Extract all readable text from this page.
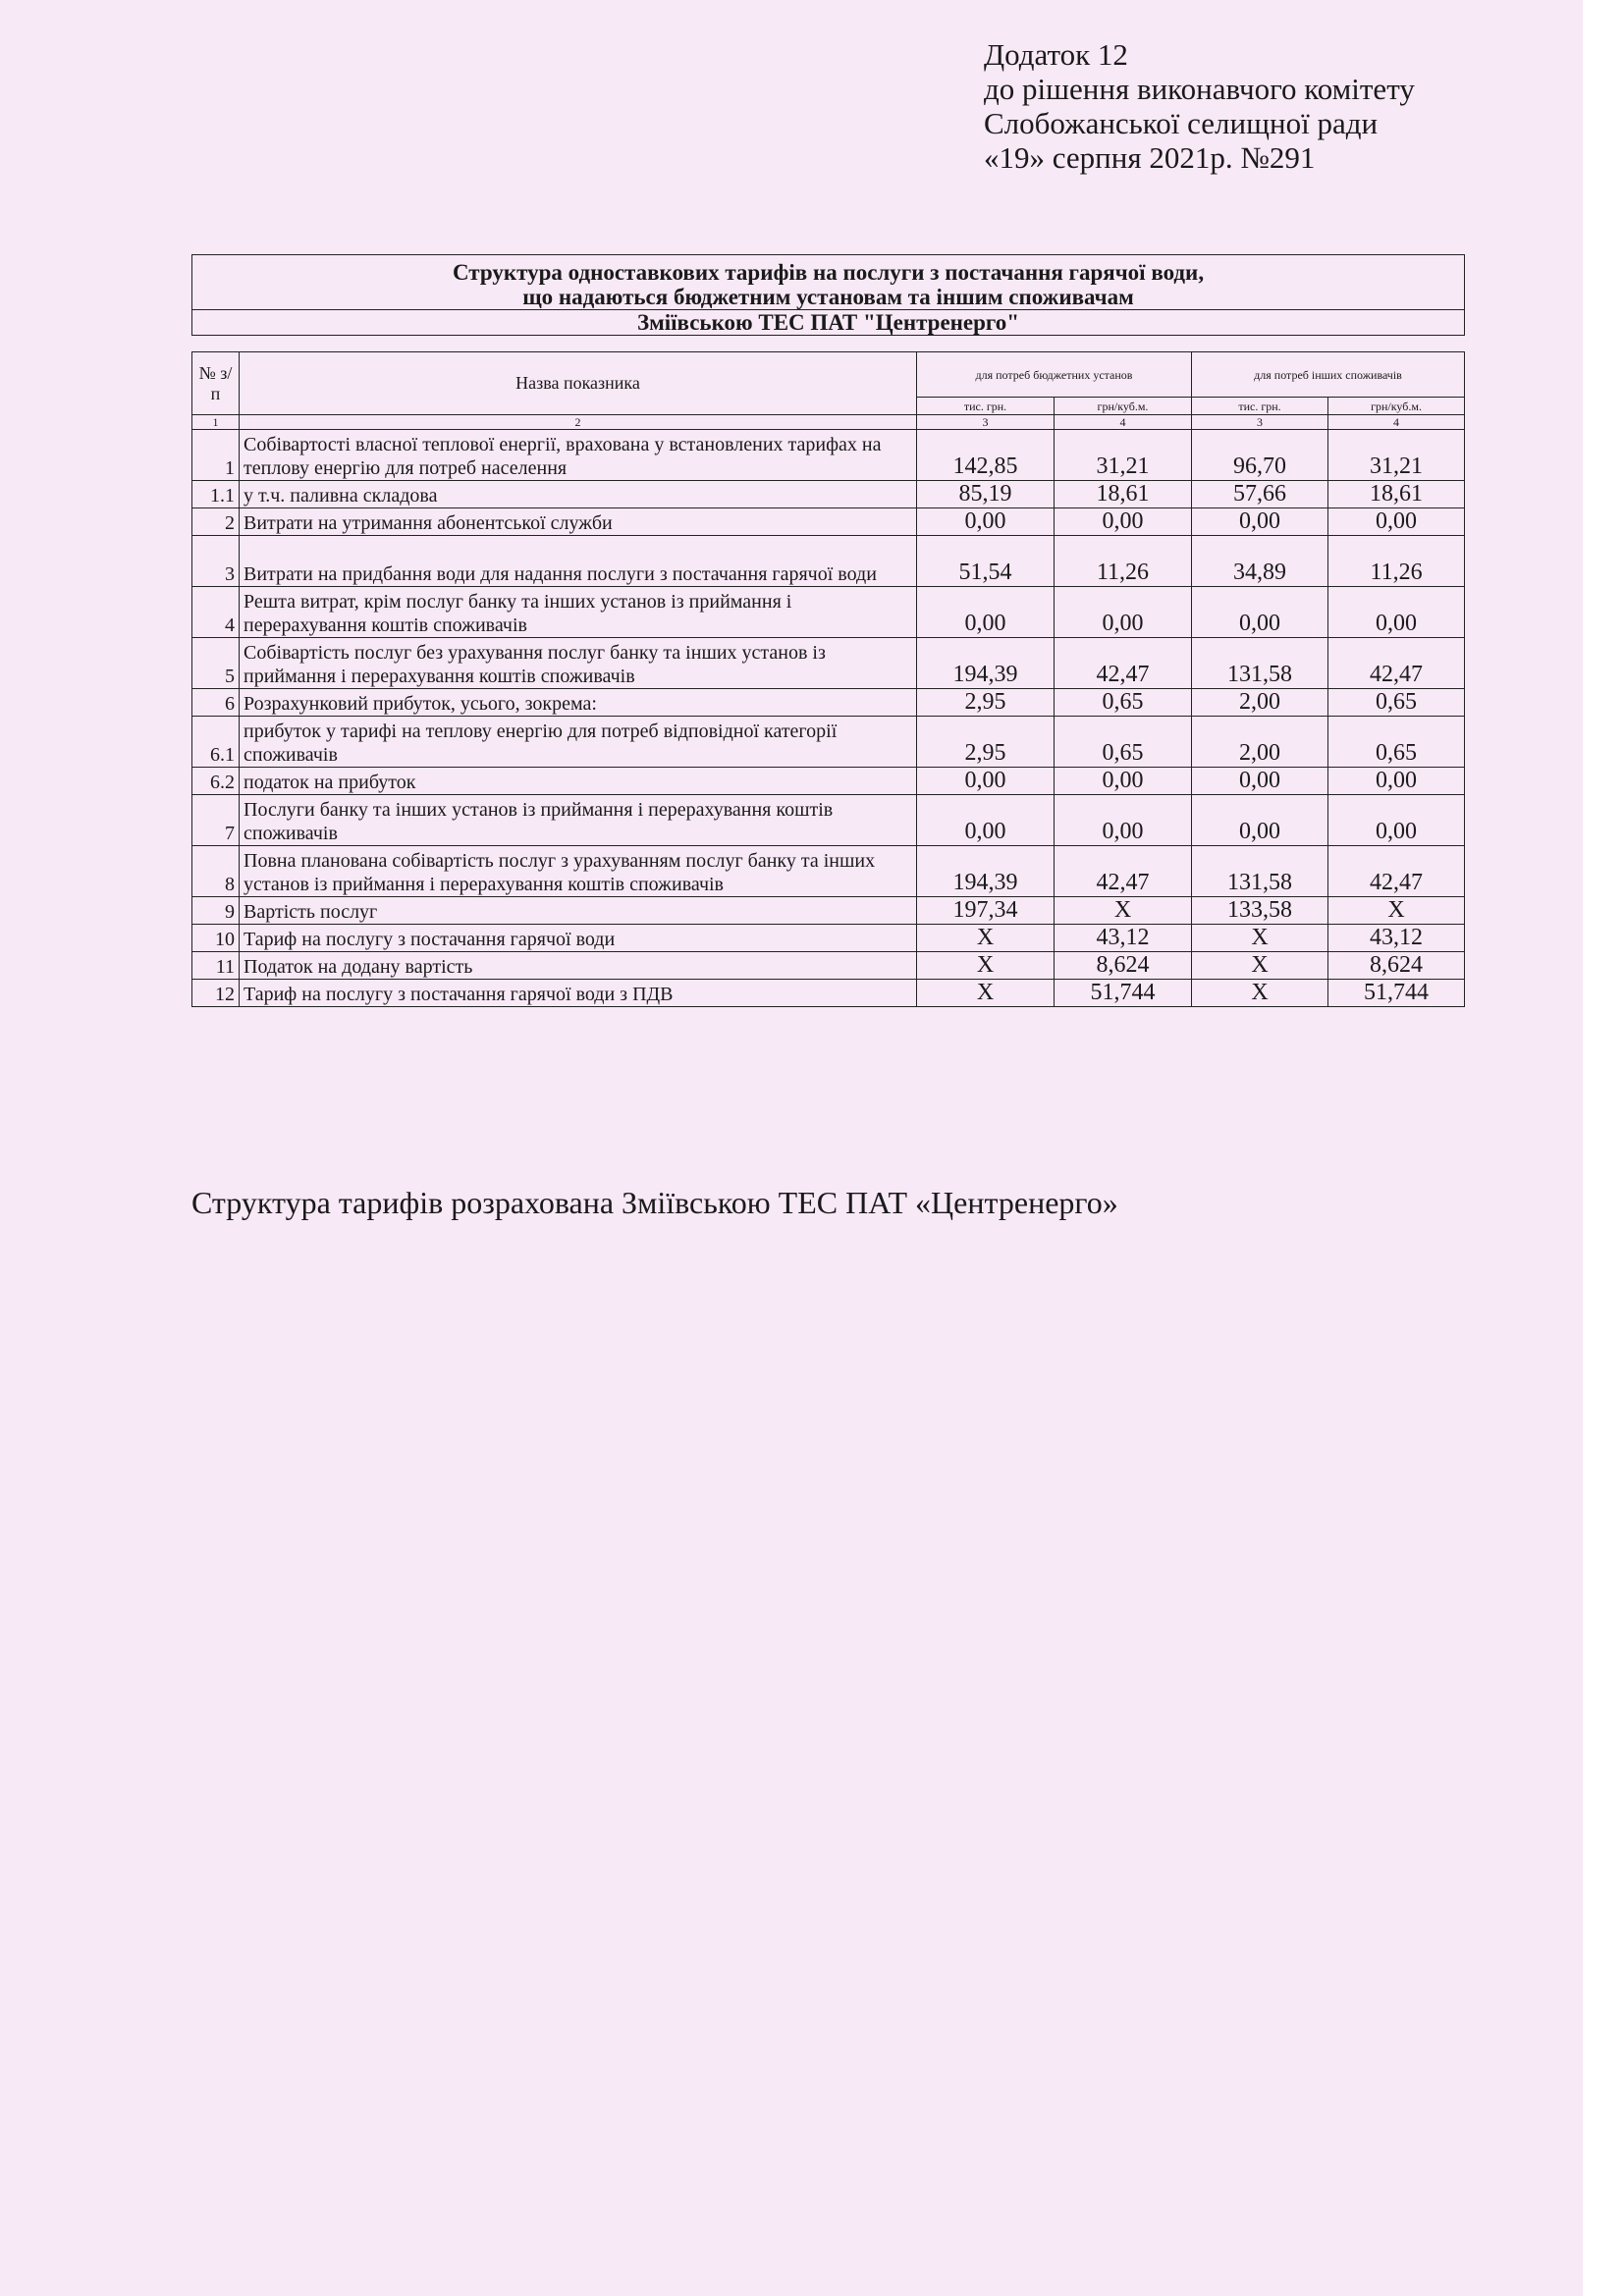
Додаток 12
до рішення виконавчого комітету
Слобожанської селищної ради
«19» серпня 2021р. №291
Структура одноставкових тарифів на послуги з постачання гарячої води,					
що надаються бюджетним установам та іншим споживачам					
Зміївською ТЕС ПАТ "Центренерго"					

№ з/п	Назва показника	для потреб бюджетних установ		для потреб інших споживачів	
		тис. грн.	грн/куб.м.	тис. грн.	грн/куб.м.
1	2	3	4	3	4
1	Собівартості власної теплової енергії, врахована у встановлених тарифах на теплову енергію для потреб населення	142,85	31,21	96,70	31,21
1.1	у т.ч. паливна складова	85,19	18,61	57,66	18,61
2	Витрати на утримання абонентської служби	0,00	0,00	0,00	0,00
3	Витрати на придбання води для надання послуги з постачання гарячої води	51,54	11,26	34,89	11,26
4	Решта витрат, крім послуг банку та інших установ із приймання і перерахування коштів споживачів	0,00	0,00	0,00	0,00
5	Собівартість послуг без урахування послуг банку та інших установ із приймання і перерахування коштів споживачів	194,39	42,47	131,58	42,47
6	Розрахунковий прибуток, усього, зокрема:	2,95	0,65	2,00	0,65
6.1	прибуток у тарифі на теплову енергію для потреб відповідної категорії споживачів	2,95	0,65	2,00	0,65
6.2	податок на прибуток	0,00	0,00	0,00	0,00
7	Послуги банку та інших установ із приймання і перерахування коштів споживачів	0,00	0,00	0,00	0,00
8	Повна планована собівартість послуг з урахуванням послуг банку та інших установ із приймання і перерахування коштів споживачів	194,39	42,47	131,58	42,47
9	Вартість послуг	197,34	Х	133,58	Х
10	Тариф на послугу з постачання гарячої води	Х	43,12	Х	43,12
11	Податок на додану вартість	Х	8,624	Х	8,624
12	Тариф на послугу з постачання гарячої води з ПДВ	Х	51,744	Х	51,744
Структура тарифів розрахована Зміївською ТЕС ПАТ «Центренерго»
